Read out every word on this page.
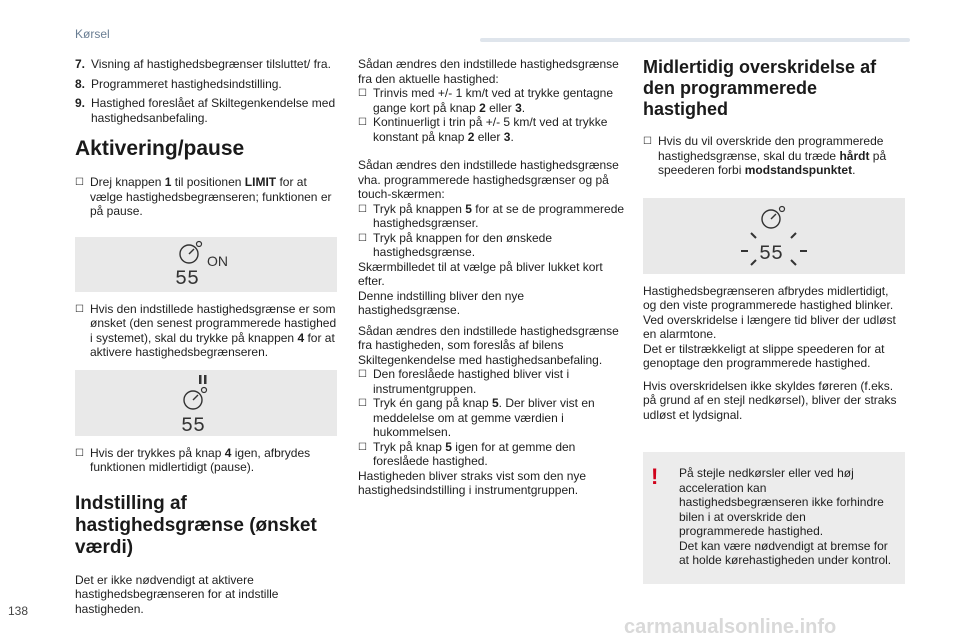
Kørsel
7. Visning af hastighedsbegrænser tilsluttet/ fra.
8. Programmeret hastighedsindstilling.
9. Hastighed foreslået af Skiltegenkendelse med hastighedsanbefaling.
Aktivering/pause
☐ Drej knappen 1 til positionen LIMIT for at vælge hastighedsbegrænseren; funktionen er på pause.

55
ON
☐ Hvis den indstillede hastighedsgrænse er som ønsket (den senest programmerede hastighed i systemet), skal du trykke på knappen 4 for at aktivere hastighedsbegrænseren.

55
☐ Hvis der trykkes på knap 4 igen, afbrydes funktionen midlertidigt (pause).

Indstilling af hastighedsgrænse (ønsket værdi)

Det er ikke nødvendigt at aktivere hastighedsbegrænseren for at indstille hastigheden.

Sådan ændres den indstillede hastighedsgrænse fra den aktuelle hastighed:

☐ Trinvis med +/- 1 km/t ved at trykke gentagne gange kort på knap 2 eller 3.

☐ Kontinuerligt i trin på +/- 5 km/t ved at trykke konstant på knap 2 eller 3.

Sådan ændres den indstillede hastighedsgrænse vha. programmerede hastighedsgrænser og på touch-skærmen:

☐ Tryk på knappen 5 for at se de programmerede hastighedsgrænser.

☐ Tryk på knappen for den ønskede hastighedsgrænse.

Skærmbilledet til at vælge på bliver lukket kort efter.

Denne indstilling bliver den nye hastighedsgrænse.

Sådan ændres den indstillede hastighedsgrænse fra hastigheden, som foreslås af bilens Skiltegenkendelse med hastighedsanbefaling.

☐ Den foreslåede hastighed bliver vist i instrumentgruppen.

☐ Tryk én gang på knap 5. Der bliver vist en meddelelse om at gemme værdien i hukommelsen.

☐ Tryk på knap 5 igen for at gemme den foreslåede hastighed.

Hastigheden bliver straks vist som den nye hastighedsindstilling i instrumentgruppen.

Midlertidig overskridelse af den programmerede hastighed
☐ Hvis du vil overskride den programmerede hastighedsgrænse, skal du træde hårdt på speederen forbi modstandspunktet.

55

Hastighedsbegrænseren afbrydes midlertidigt, og den viste programmerede hastighed blinker.

Ved overskridelse i længere tid bliver der udløst en alarmtone.

Det er tilstrækkeligt at slippe speederen for at genoptage den programmerede hastighed.

Hvis overskridelsen ikke skyldes føreren (f.eks. på grund af en stejl nedkørsel), bliver der straks udløst et lydsignal.

! På stejle nedkørsler eller ved høj acceleration kan hastighedsbegrænseren ikke forhindre bilen i at overskride den programmerede hastighed.

Det kan være nødvendigt at bremse for at holde kørehastigheden under kontrol.

138
carmanualsonline.info
